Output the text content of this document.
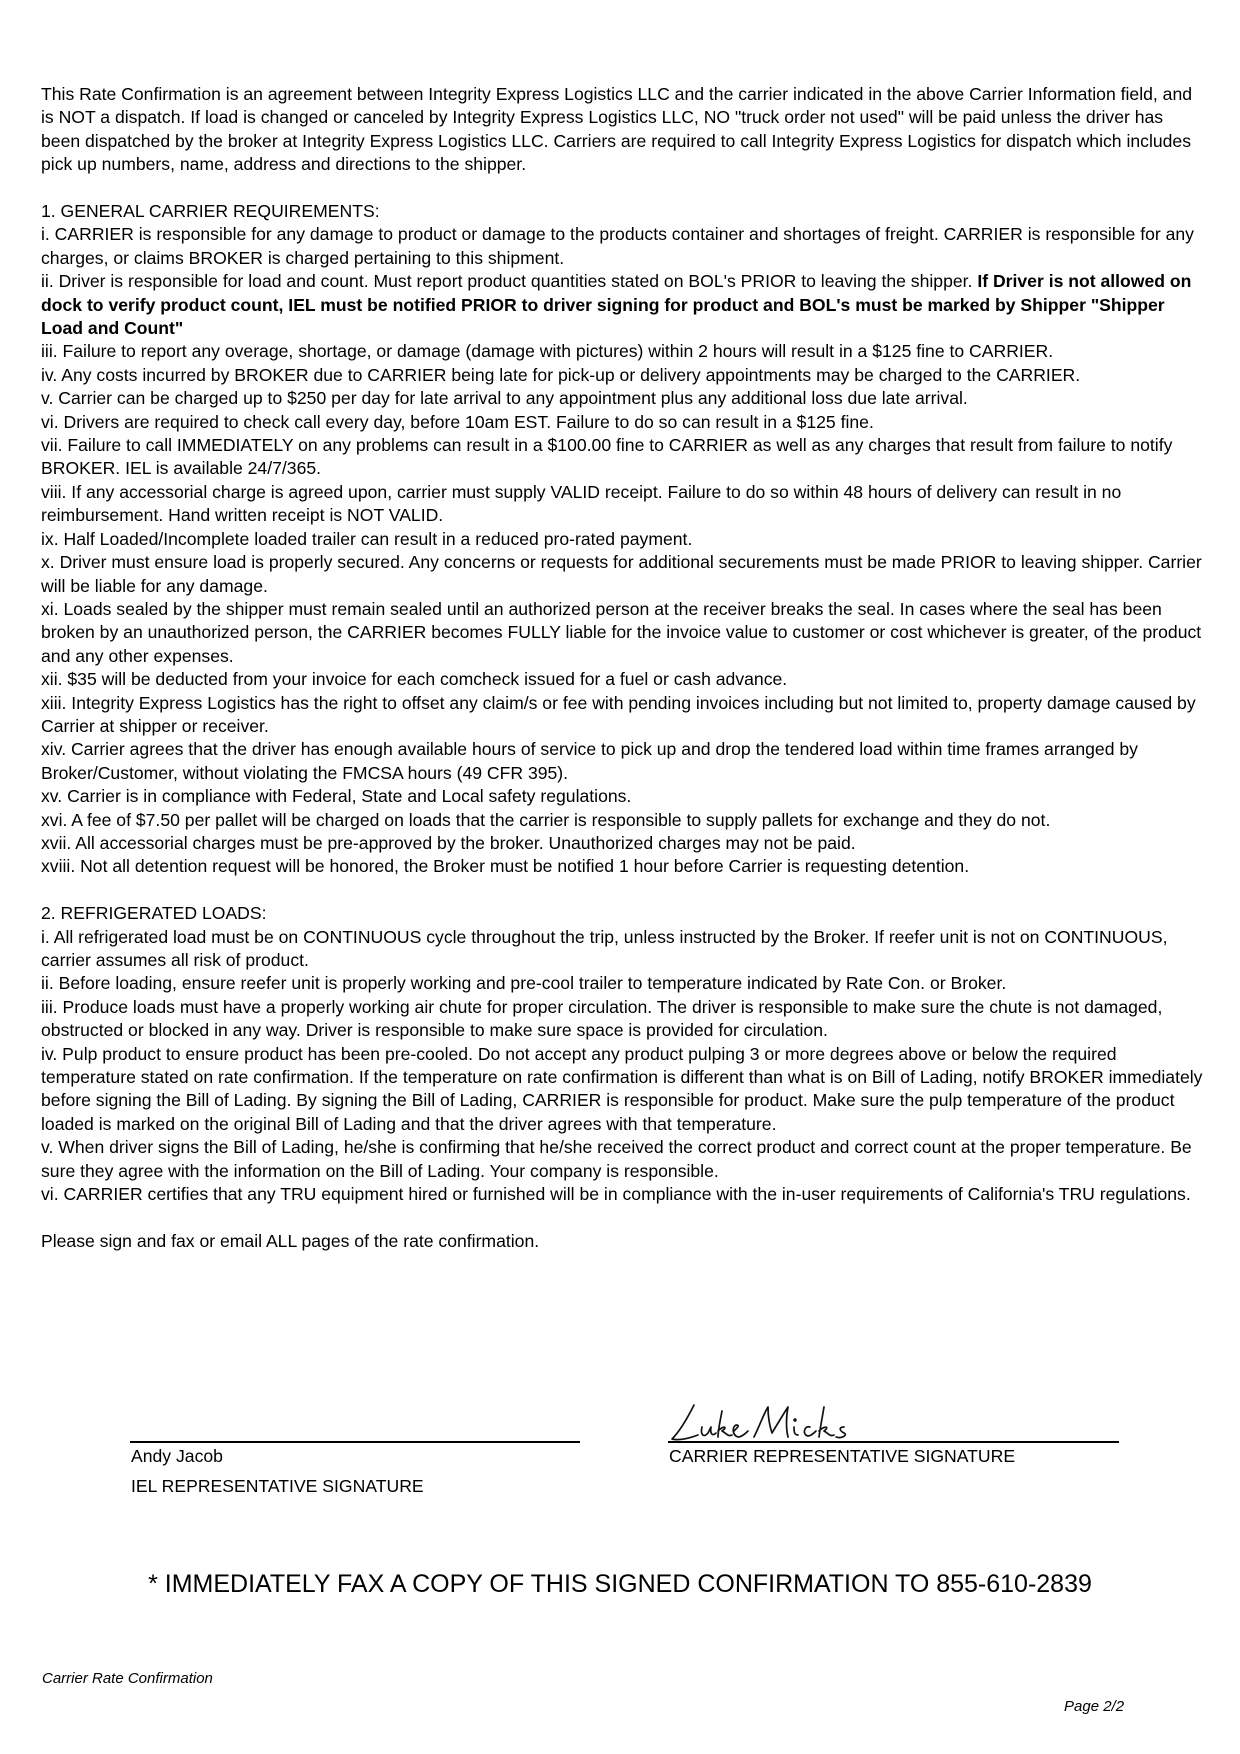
This Rate Confirmation is an agreement between Integrity Express Logistics LLC and the carrier indicated in the above Carrier Information field, and is NOT a dispatch. If load is changed or canceled by Integrity Express Logistics LLC, NO "truck order not used" will be paid unless the driver has been dispatched by the broker at Integrity Express Logistics LLC. Carriers are required to call Integrity Express Logistics for dispatch which includes pick up numbers, name, address and directions to the shipper.

1. GENERAL CARRIER REQUIREMENTS:

i. CARRIER is responsible for any damage to product or damage to the products container and shortages of freight. CARRIER is responsible for any charges, or claims BROKER is charged pertaining to this shipment.

ii. Driver is responsible for load and count. Must report product quantities stated on BOL's PRIOR to leaving the shipper. If Driver is not allowed on dock to verify product count, IEL must be notified PRIOR to driver signing for product and BOL's must be marked by Shipper "Shipper Load and Count"

iii. Failure to report any overage, shortage, or damage (damage with pictures) within 2 hours will result in a $125 fine to CARRIER.

iv. Any costs incurred by BROKER due to CARRIER being late for pick-up or delivery appointments may be charged to the CARRIER.

v. Carrier can be charged up to $250 per day for late arrival to any appointment plus any additional loss due late arrival.

vi. Drivers are required to check call every day, before 10am EST. Failure to do so can result in a $125 fine.

vii. Failure to call IMMEDIATELY on any problems can result in a $100.00 fine to CARRIER as well as any charges that result from failure to notify BROKER. IEL is available 24/7/365.

viii. If any accessorial charge is agreed upon, carrier must supply VALID receipt. Failure to do so within 48 hours of delivery can result in no reimbursement. Hand written receipt is NOT VALID.

ix. Half Loaded/Incomplete loaded trailer can result in a reduced pro-rated payment.

x. Driver must ensure load is properly secured. Any concerns or requests for additional securements must be made PRIOR to leaving shipper. Carrier will be liable for any damage.

xi. Loads sealed by the shipper must remain sealed until an authorized person at the receiver breaks the seal. In cases where the seal has been broken by an unauthorized person, the CARRIER becomes FULLY liable for the invoice value to customer or cost whichever is greater, of the product and any other expenses.

xii. $35 will be deducted from your invoice for each comcheck issued for a fuel or cash advance.

xiii. Integrity Express Logistics has the right to offset any claim/s or fee with pending invoices including but not limited to, property damage caused by Carrier at shipper or receiver.

xiv. Carrier agrees that the driver has enough available hours of service to pick up and drop the tendered load within time frames arranged by Broker/Customer, without violating the FMCSA hours (49 CFR 395).

xv. Carrier is in compliance with Federal, State and Local safety regulations.

xvi. A fee of $7.50 per pallet will be charged on loads that the carrier is responsible to supply pallets for exchange and they do not.

xvii. All accessorial charges must be pre-approved by the broker. Unauthorized charges may not be paid.

xviii. Not all detention request will be honored, the Broker must be notified 1 hour before Carrier is requesting detention.

2. REFRIGERATED LOADS:

i. All refrigerated load must be on CONTINUOUS cycle throughout the trip, unless instructed by the Broker. If reefer unit is not on CONTINUOUS, carrier assumes all risk of product.

ii. Before loading, ensure reefer unit is properly working and pre-cool trailer to temperature indicated by Rate Con. or Broker.

iii. Produce loads must have a properly working air chute for proper circulation. The driver is responsible to make sure the chute is not damaged, obstructed or blocked in any way. Driver is responsible to make sure space is provided for circulation.

iv. Pulp product to ensure product has been pre-cooled. Do not accept any product pulping 3 or more degrees above or below the required temperature stated on rate confirmation. If the temperature on rate confirmation is different than what is on Bill of Lading, notify BROKER immediately before signing the Bill of Lading. By signing the Bill of Lading, CARRIER is responsible for product. Make sure the pulp temperature of the product loaded is marked on the original Bill of Lading and that the driver agrees with that temperature.

v. When driver signs the Bill of Lading, he/she is confirming that he/she received the correct product and correct count at the proper temperature. Be sure they agree with the information on the Bill of Lading. Your company is responsible.

vi. CARRIER certifies that any TRU equipment hired or furnished will be in compliance with the in-user requirements of California's TRU regulations.

Please sign and fax or email ALL pages of the rate confirmation.

Andy Jacob
IEL REPRESENTATIVE SIGNATURE
CARRIER REPRESENTATIVE SIGNATURE
* IMMEDIATELY FAX A COPY OF THIS SIGNED CONFIRMATION TO 855-610-2839
Carrier Rate Confirmation
Page 2/2
